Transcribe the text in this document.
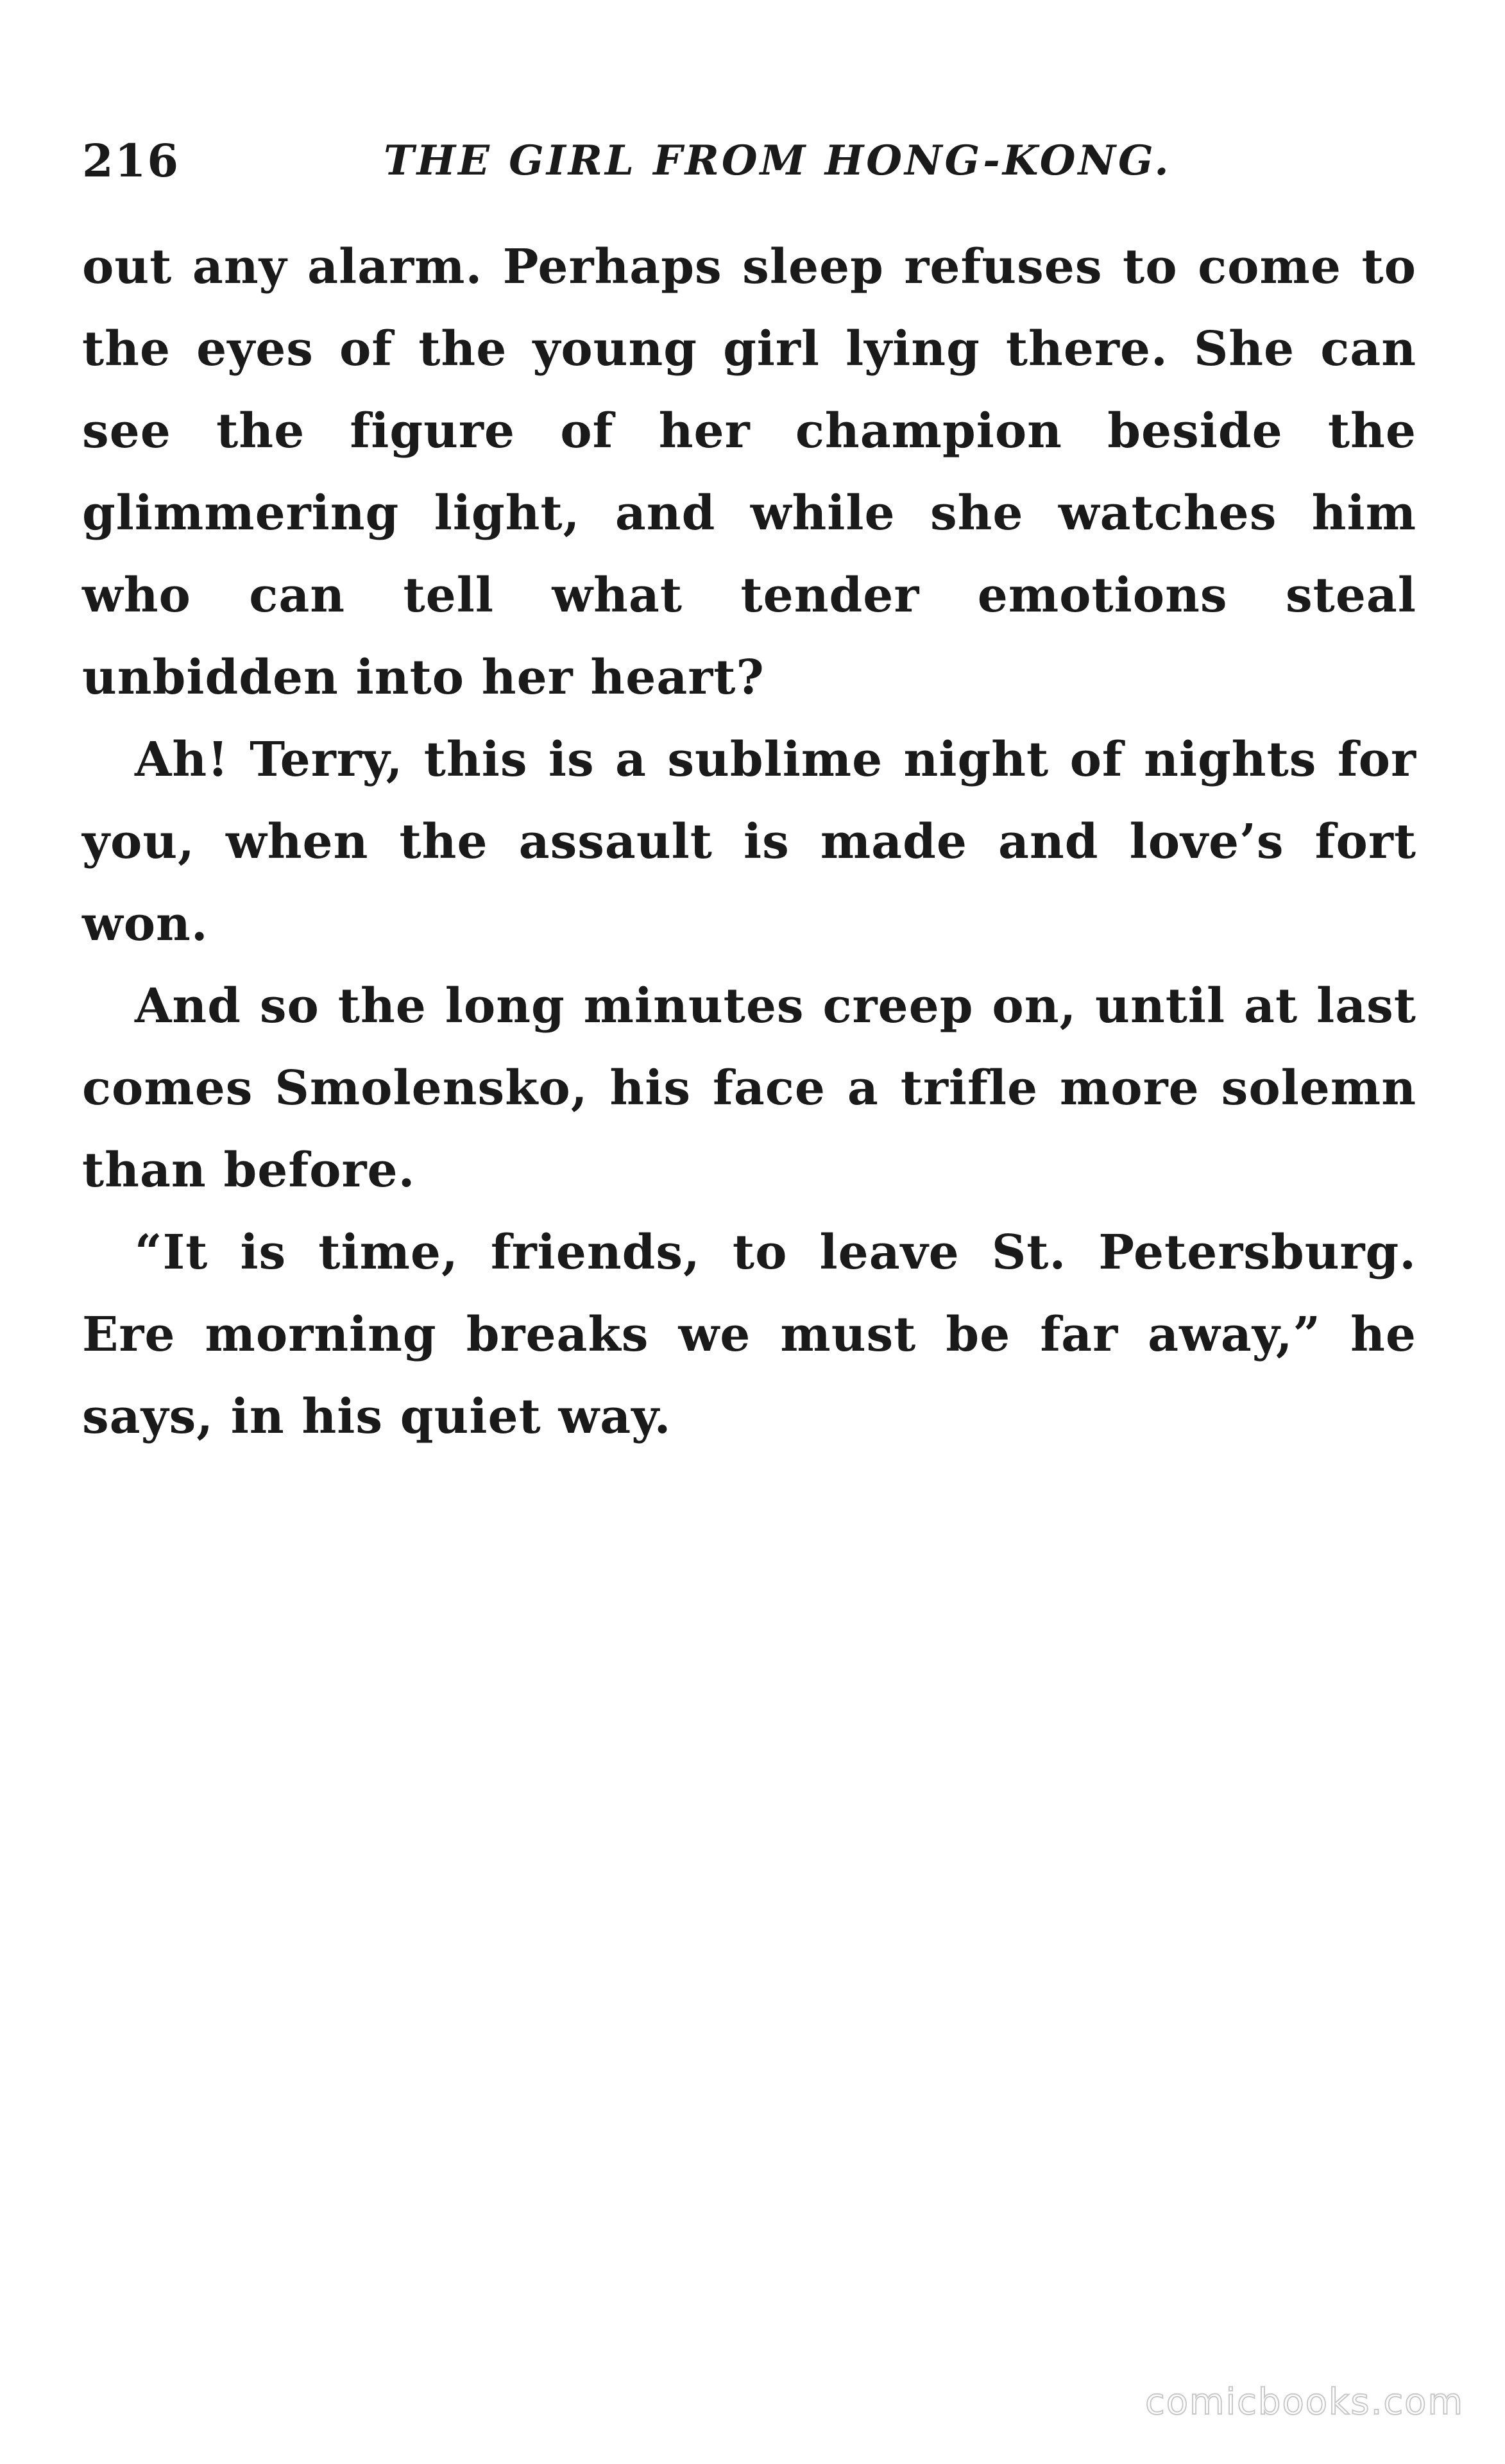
216	THE GIRL FROM HONG-KONG.

out any alarm. Perhaps sleep refuses to come to the eyes of the young girl lying there. She can see the figure of her champion beside the glimmering light, and while she watches him who can tell what tender emotions steal unbidden into her heart?

Ah! Terry, this is a sublime night of nights for you, when the assault is made and love’s fort won.

And so the long minutes creep on, until at last comes Smolensko, his face a trifle more solemn than before.

“It is time, friends, to leave St. Petersburg. Ere morning breaks we must be far away,” he says, in his quiet way.

comicbooks.com
